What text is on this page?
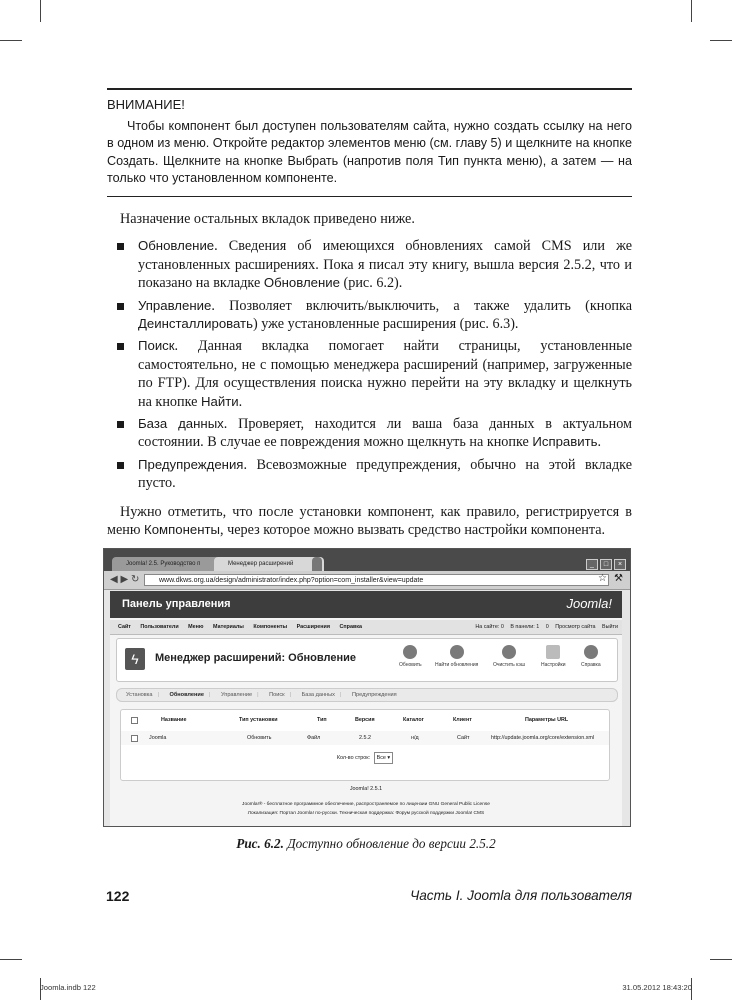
ВНИМАНИЕ!
Чтобы компонент был доступен пользователям сайта, нужно создать ссылку на него в одном из меню. Откройте редактор элементов меню (см. главу 5) и щелкните на кнопке Создать. Щелкните на кнопке Выбрать (напротив поля Тип пункта меню), а затем — на только что установленном компоненте.

Назначение остальных вкладок приведено ниже.

Обновление. Сведения об имеющихся обновлениях самой CMS или же установленных расширениях. Пока я писал эту книгу, вышла версия 2.5.2, что и показано на вкладке Обновление (рис. 6.2).
Управление. Позволяет включить/выключить, а также удалить (кнопка Деинсталлировать) уже установленные расширения (рис. 6.3).
Поиск. Данная вкладка помогает найти страницы, установленные самостоятельно, не с помощью менеджера расширений (например, загруженные по FTP). Для осуществления поиска нужно перейти на эту вкладку и щелкнуть на кнопке Найти.
База данных. Проверяет, находится ли ваша база данных в актуальном состоянии. В случае ее повреждения можно щелкнуть на кнопке Исправить.
Предупреждения. Всевозможные предупреждения, обычно на этой вкладке пусто.

Нужно отметить, что после установки компонент, как правило, регистрируется в меню Компоненты, через которое можно вызвать средство настройки компонента.

Joomla! 2.5. Руководство п	Менеджер расширений	_ □ ×
◀ ▶ ↻	www.dkws.org.ua/design/administrator/index.php?option=com_installer&view=update	☆ ⚒
Панель управления	Joomla!
Сайт Пользователи Меню Материалы Компоненты Расширения Справка	На сайте: 0 В панели: 1 0 Просмотр сайта Выйти
ϟ	Менеджер расширений: Обновление
Обновить	Найти обновления	Очистить кэш	Настройки	Справка
Установка | Обновление | Управление | Поиск | База данных | Предупреждения
Название	Тип установки	Тип	Версия	Каталог	Клиент	Параметры URL
Joomla	Обновить	Файл	2.5.2	н/д	Сайт	http://update.joomla.org/core/extension.xml
Кол-во строк: Все ▾
Joomla! 2.5.1
Joomla!® - бесплатное программное обеспечение, распространяемое по лицензии GNU General Public License
Локализация: Портал Joomla! по-русски. Техническая поддержка: Форум русской поддержки Joomla! CMS
Рис. 6.2. Доступно обновление до версии 2.5.2
122	Часть I. Joomla для пользователя
Joomla.indb 122	31.05.2012 18:43:20
